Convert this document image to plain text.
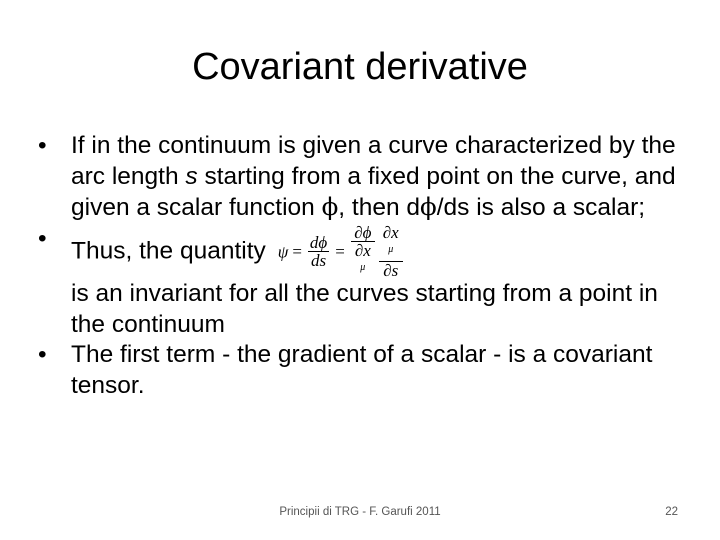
Covariant derivative
• If in the continuum is given a curve characterized by the arc length s starting from a fixed point on the curve, and given a scalar function ϕ, then dϕ/ds is also a scalar;
• Thus, the quantity $\psi = \frac{d\phi}{ds} = \partial\phi$
∂x
$^\mu$ ∂x
$^\mu$
∂s

is an invariant for all the curves starting from a point in the continuum
• The first term - the gradient of a scalar - is a covariant tensor.
Principii di TRG - F. Garufi 2011	22
